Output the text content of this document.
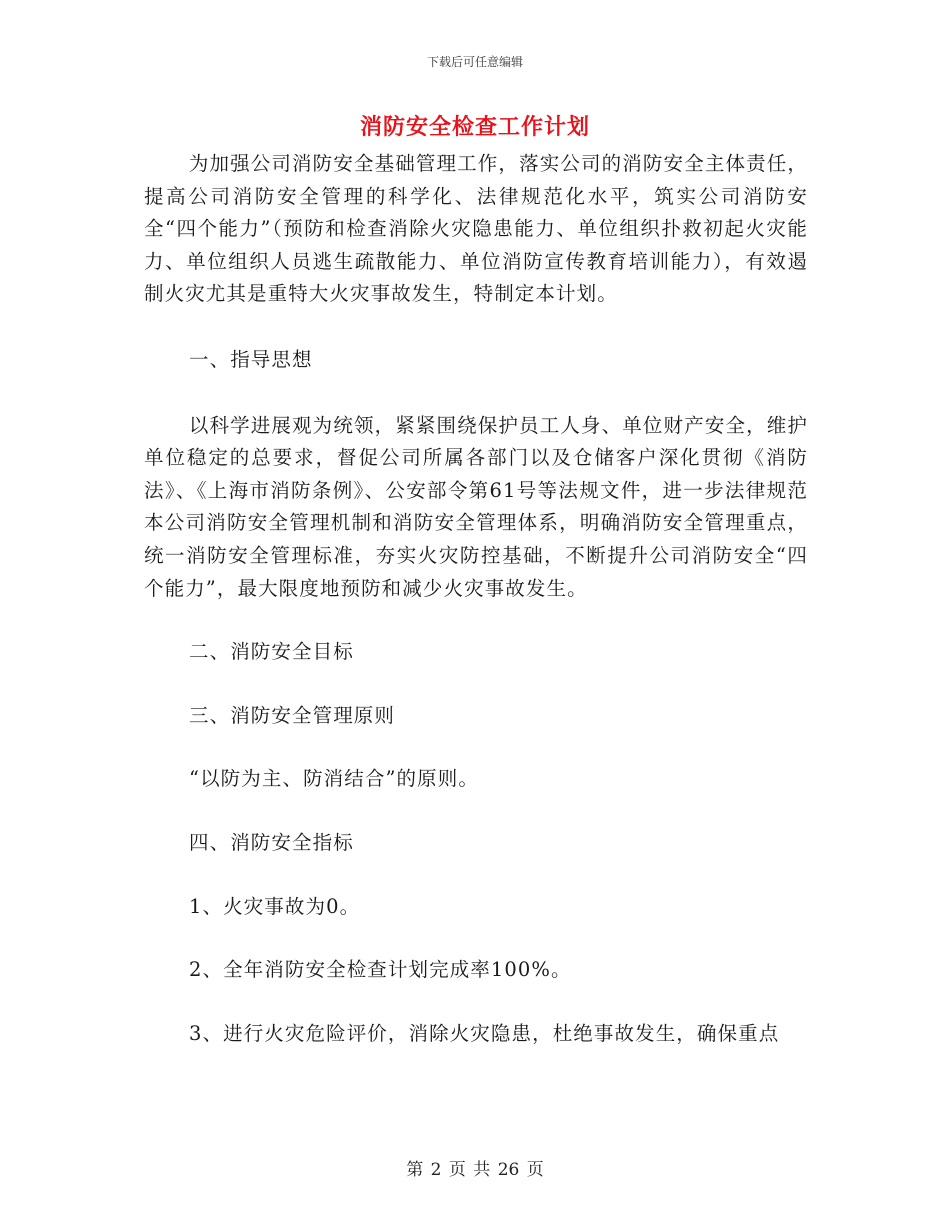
下载后可任意编辑
消防安全检查工作计划

为加强公司消防安全基础管理工作，落实公司的消防安全主体责任，提高公司消防安全管理的科学化、法律规范化水平，筑实公司消防安全“四个能力”（预防和检查消除火灾隐患能力、单位组织扑救初起火灾能力、单位组织人员逃生疏散能力、单位消防宣传教育培训能力），有效遏制火灾尤其是重特大火灾事故发生，特制定本计划。

一、指导思想

以科学进展观为统领，紧紧围绕保护员工人身、单位财产安全，维护单位稳定的总要求，督促公司所属各部门以及仓储客户深化贯彻《消防法》、《上海市消防条例》、公安部令第61号等法规文件，进一步法律规范本公司消防安全管理机制和消防安全管理体系，明确消防安全管理重点，统一消防安全管理标准，夯实火灾防控基础，不断提升公司消防安全“四个能力”，最大限度地预防和减少火灾事故发生。

二、消防安全目标

三、消防安全管理原则

“以防为主、防消结合”的原则。

四、消防安全指标

1、火灾事故为0。

2、全年消防安全检查计划完成率100%。

3、进行火灾危险评价，消除火灾隐患，杜绝事故发生，确保重点

第 2 页 共 26 页
